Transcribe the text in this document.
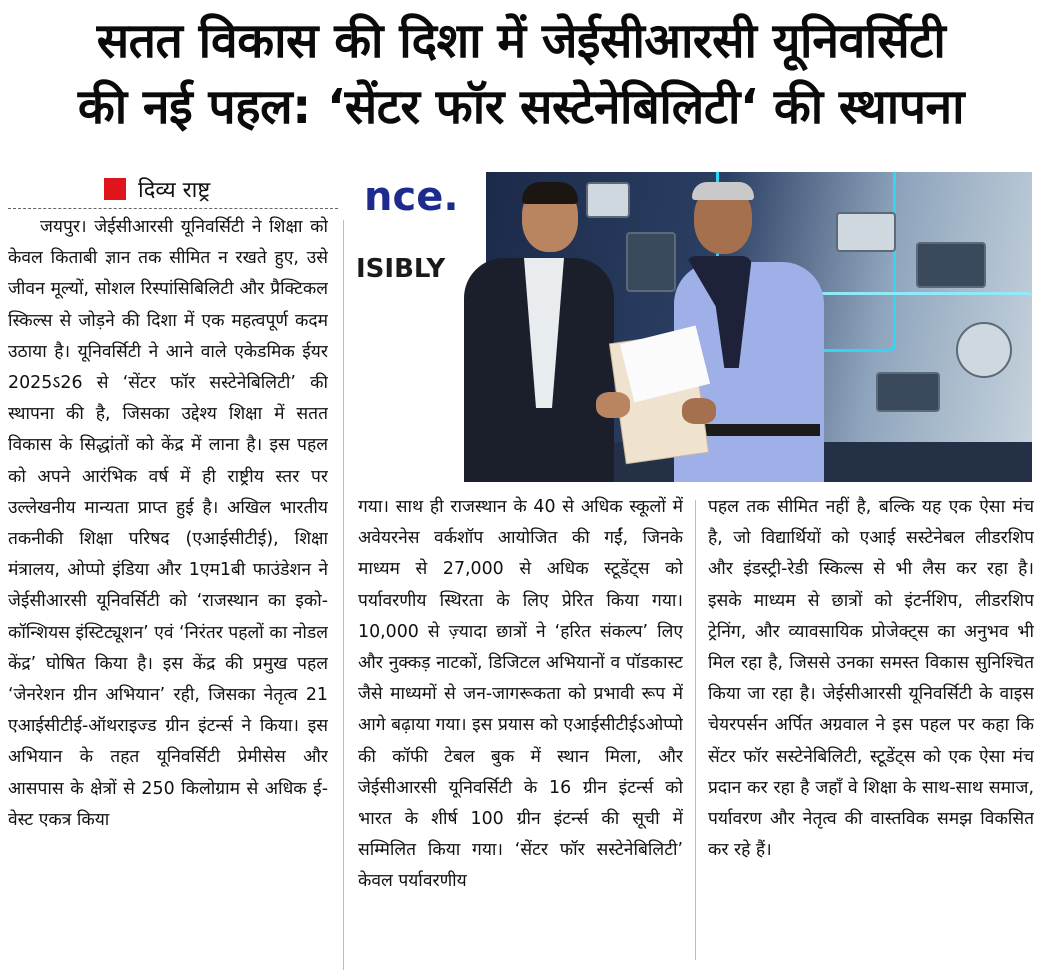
सतत विकास की दिशा में जेईसीआरसी यूनिवर्सिटी
की नई पहल: ‘सेंटर फॉर सस्टेनेबिलिटी‘ की स्थापना
दिव्य राष्ट्र	nce.
ISIBLY
जयपुर। जेईसीआरसी यूनिवर्सिटी ने शिक्षा को केवल किताबी ज्ञान तक सीमित न रखते हुए, उसे जीवन मूल्यों, सोशल रिस्पांसिबिलिटी और प्रैक्टिकल स्किल्स से जोड़ने की दिशा में एक महत्वपूर्ण कदम उठाया है। यूनिवर्सिटी ने आने वाले एकेडमिक ईयर 2025ऽ26 से ‘सेंटर फॉर सस्टेनेबिलिटी’ की स्थापना की है, जिसका उद्देश्य शिक्षा में सतत विकास के सिद्धांतों को केंद्र में लाना है। इस पहल को अपने आरंभिक वर्ष में ही राष्ट्रीय स्तर पर उल्लेखनीय मान्यता प्राप्त हुई है। अखिल भारतीय तकनीकी शिक्षा परिषद (एआईसीटीई), शिक्षा मंत्रालय, ओप्पो इंडिया और 1एम1बी फाउंडेशन ने जेईसीआरसी यूनिवर्सिटी को ‘राजस्थान का इको-कॉन्शियस इंस्टिट्यूशन’ एवं ‘निरंतर पहलों का नोडल केंद्र’ घोषित किया है। इस केंद्र की प्रमुख पहल ‘जेनरेशन ग्रीन अभियान’ रही, जिसका नेतृत्व 21 एआईसीटीई-ऑथराइज्ड ग्रीन इंटर्न्स ने किया। इस अभियान के तहत यूनिवर्सिटी प्रेमीसेस और आसपास के क्षेत्रों से 250 किलोग्राम से अधिक ई-वेस्ट एकत्र किया
गया। साथ ही राजस्थान के 40 से अधिक स्कूलों में अवेयरनेस वर्कशॉप आयोजित की गईं, जिनके माध्यम से 27,000 से अधिक स्टूडेंट्स को पर्यावरणीय स्थिरता के लिए प्रेरित किया गया। 10,000 से ज़्यादा छात्रों ने ‘हरित संकल्प’ लिए और नुक्कड़ नाटकों, डिजिटल अभियानों व पॉडकास्ट जैसे माध्यमों से जन-जागरूकता को प्रभावी रूप में आगे बढ़ाया गया। इस प्रयास को एआईसीटीईऽओप्पो की कॉफी टेबल बुक में स्थान मिला, और जेईसीआरसी यूनिवर्सिटी के 16 ग्रीन इंटर्न्स को भारत के शीर्ष 100 ग्रीन इंटर्न्स की सूची में सम्मिलित किया गया। ‘सेंटर फॉर सस्टेनेबिलिटी’ केवल पर्यावरणीय
पहल तक सीमित नहीं है, बल्कि यह एक ऐसा मंच है, जो विद्यार्थियों को एआई सस्टेनेबल लीडरशिप और इंडस्ट्री-रेडी स्किल्स से भी लैस कर रहा है। इसके माध्यम से छात्रों को इंटर्नशिप, लीडरशिप ट्रेनिंग, और व्यावसायिक प्रोजेक्ट्स का अनुभव भी मिल रहा है, जिससे उनका समस्त विकास सुनिश्चित किया जा रहा है। जेईसीआरसी यूनिवर्सिटी के वाइस चेयरपर्सन अर्पित अग्रवाल ने इस पहल पर कहा कि सेंटर फॉर सस्टेनेबिलिटी, स्टूडेंट्स को एक ऐसा मंच प्रदान कर रहा है जहाँ वे शिक्षा के साथ-साथ समाज, पर्यावरण और नेतृत्व की वास्तविक समझ विकसित कर रहे हैं।
